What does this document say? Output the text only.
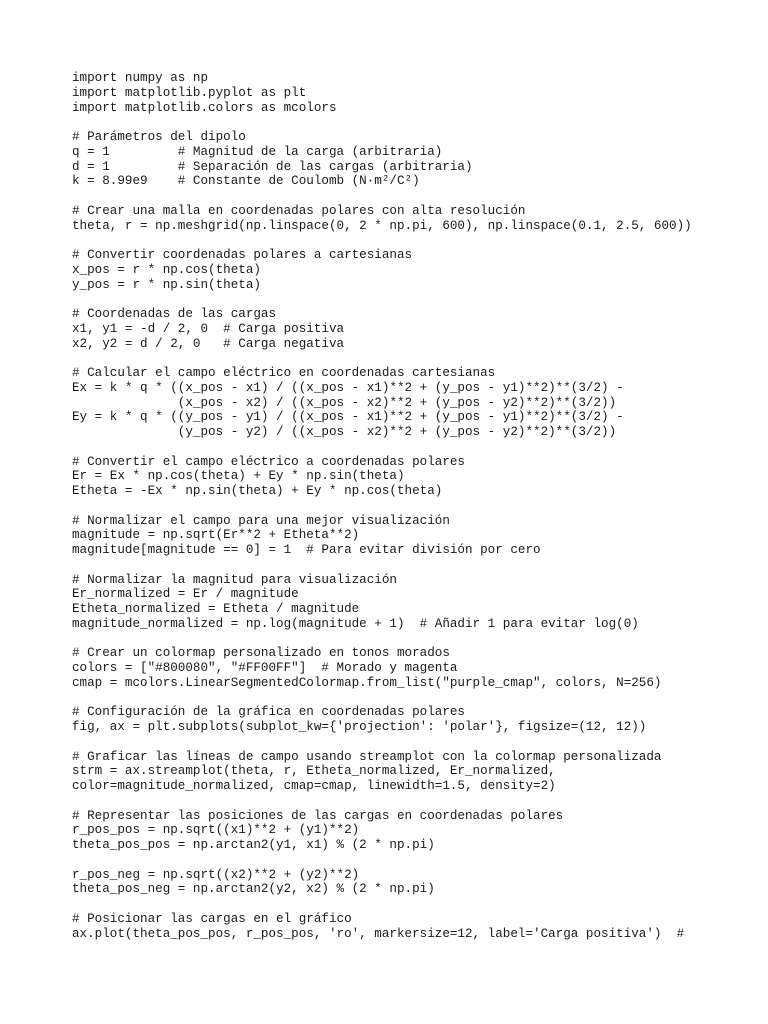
import numpy as np
import matplotlib.pyplot as plt
import matplotlib.colors as mcolors
# Parámetros del dipolo
q = 1         # Magnitud de la carga (arbitraria)
d = 1         # Separación de las cargas (arbitraria)
k = 8.99e9    # Constante de Coulomb (N·m²/C²)
# Crear una malla en coordenadas polares con alta resolución
theta, r = np.meshgrid(np.linspace(0, 2 * np.pi, 600), np.linspace(0.1, 2.5, 600))
# Convertir coordenadas polares a cartesianas
x_pos = r * np.cos(theta)
y_pos = r * np.sin(theta)
# Coordenadas de las cargas
x1, y1 = -d / 2, 0  # Carga positiva
x2, y2 = d / 2, 0   # Carga negativa
# Calcular el campo eléctrico en coordenadas cartesianas
Ex = k * q * ((x_pos - x1) / ((x_pos - x1)**2 + (y_pos - y1)**2)**(3/2) -
(x_pos - x2) / ((x_pos - x2)**2 + (y_pos - y2)**2)**(3/2))
Ey = k * q * ((y_pos - y1) / ((x_pos - x1)**2 + (y_pos - y1)**2)**(3/2) -
(y_pos - y2) / ((x_pos - x2)**2 + (y_pos - y2)**2)**(3/2))
# Convertir el campo eléctrico a coordenadas polares
Er = Ex * np.cos(theta) + Ey * np.sin(theta)
Etheta = -Ex * np.sin(theta) + Ey * np.cos(theta)
# Normalizar el campo para una mejor visualización
magnitude = np.sqrt(Er**2 + Etheta**2)
magnitude[magnitude == 0] = 1  # Para evitar división por cero
# Normalizar la magnitud para visualización
Er_normalized = Er / magnitude
Etheta_normalized = Etheta / magnitude
magnitude_normalized = np.log(magnitude + 1)  # Añadir 1 para evitar log(0)
# Crear un colormap personalizado en tonos morados
colors = ["#800080", "#FF00FF"]  # Morado y magenta
cmap = mcolors.LinearSegmentedColormap.from_list("purple_cmap", colors, N=256)
# Configuración de la gráfica en coordenadas polares
fig, ax = plt.subplots(subplot_kw={'projection': 'polar'}, figsize=(12, 12))
# Graficar las líneas de campo usando streamplot con la colormap personalizada
strm = ax.streamplot(theta, r, Etheta_normalized, Er_normalized,
color=magnitude_normalized, cmap=cmap, linewidth=1.5, density=2)
# Representar las posiciones de las cargas en coordenadas polares
r_pos_pos = np.sqrt((x1)**2 + (y1)**2)
theta_pos_pos = np.arctan2(y1, x1) % (2 * np.pi)
r_pos_neg = np.sqrt((x2)**2 + (y2)**2)
theta_pos_neg = np.arctan2(y2, x2) % (2 * np.pi)
# Posicionar las cargas en el gráfico
ax.plot(theta_pos_pos, r_pos_pos, 'ro', markersize=12, label='Carga positiva')  #
